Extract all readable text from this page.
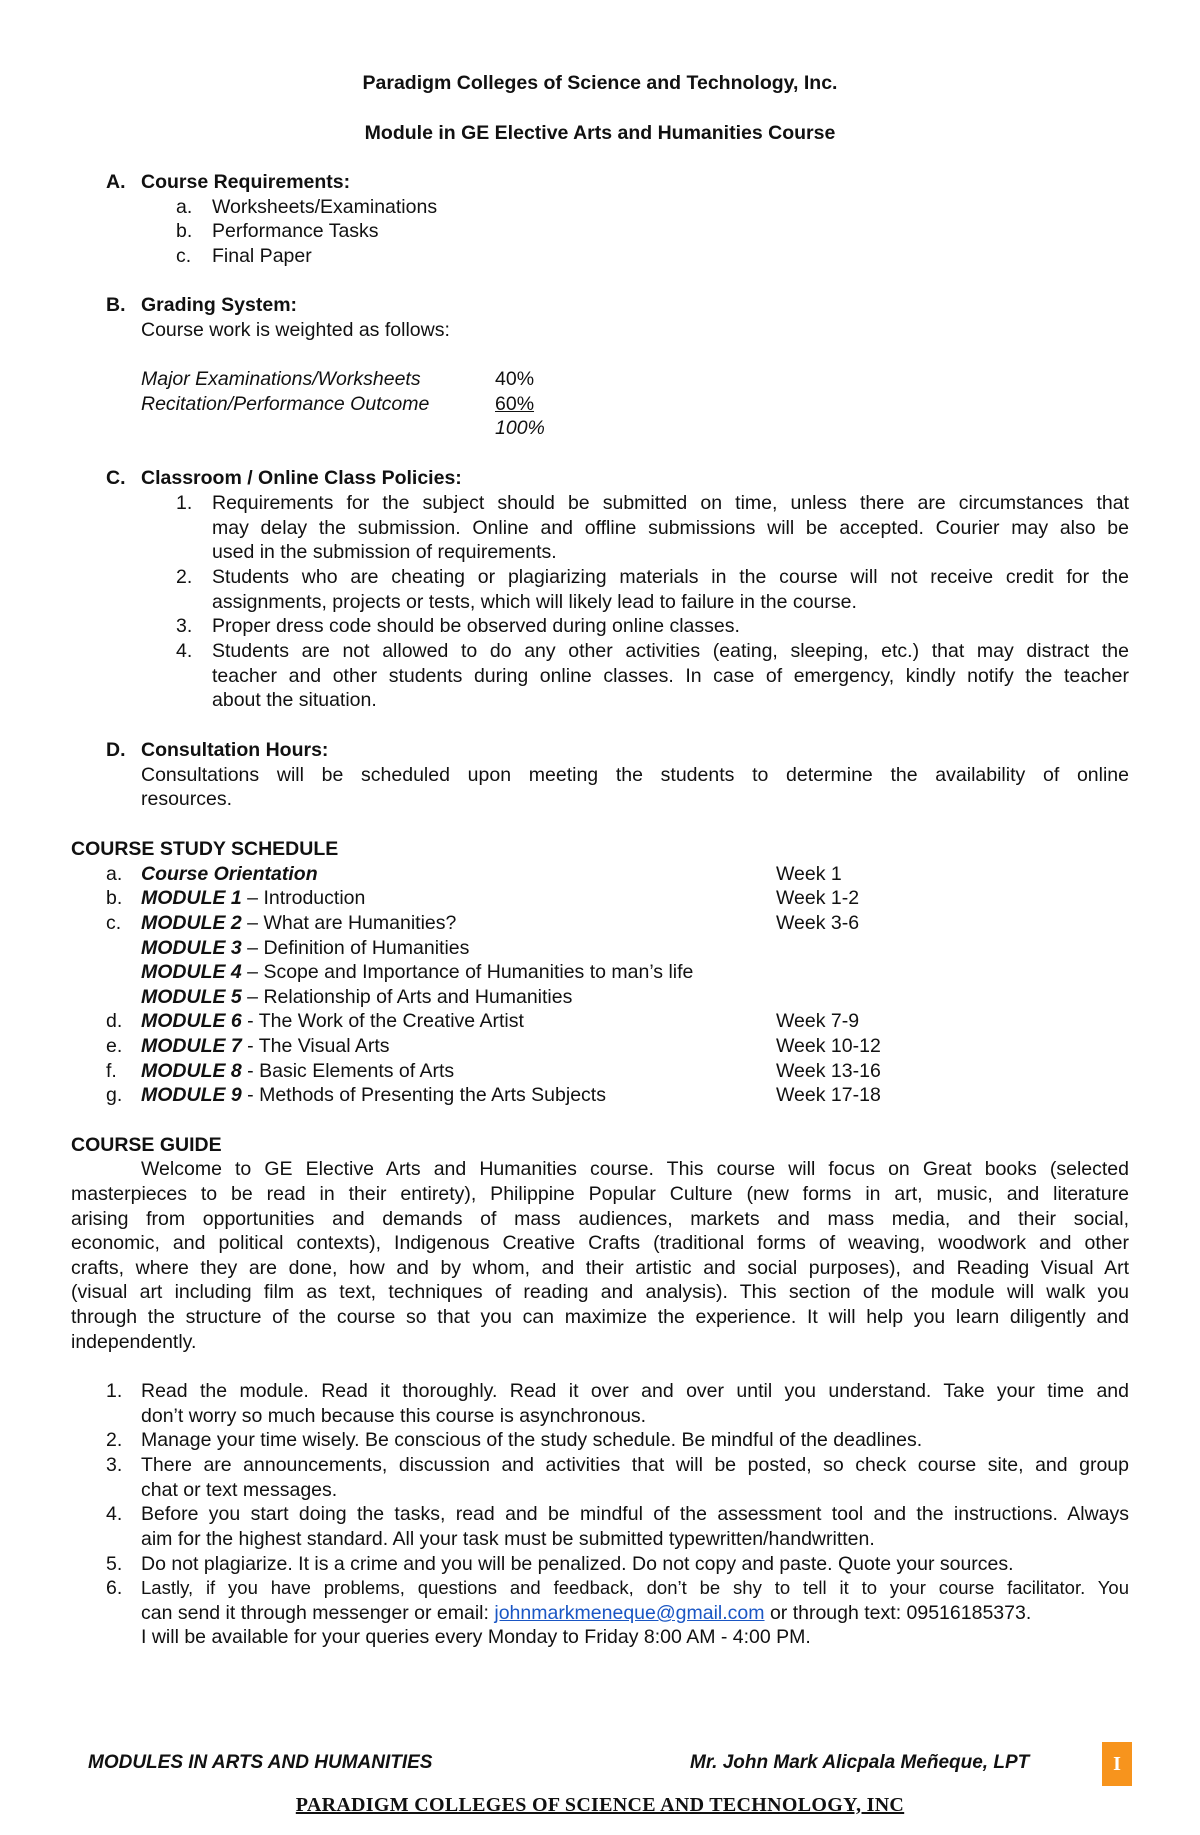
Paradigm Colleges of Science and Technology, Inc.
Module in GE Elective Arts and Humanities Course
A. Course Requirements:
a. Worksheets/Examinations
b. Performance Tasks
c. Final Paper
B. Grading System:
Course work is weighted as follows:
Major Examinations/Worksheets	40%
Recitation/Performance Outcome	60%
100%
C. Classroom / Online Class Policies:
1. Requirements for the subject should be submitted on time, unless there are circumstances that
may delay the submission. Online and offline submissions will be accepted. Courier may also be
used in the submission of requirements.
2. Students who are cheating or plagiarizing materials in the course will not receive credit for the
assignments, projects or tests, which will likely lead to failure in the course.
3. Proper dress code should be observed during online classes.
4. Students are not allowed to do any other activities (eating, sleeping, etc.) that may distract the
teacher and other students during online classes. In case of emergency, kindly notify the teacher
about the situation.
D. Consultation Hours:
Consultations will be scheduled upon meeting the students to determine the availability of online
resources.
COURSE STUDY SCHEDULE
a. Course Orientation	Week 1
b. MODULE 1 – Introduction	Week 1-2
c. MODULE 2 – What are Humanities?	Week 3-6
MODULE 3 – Definition of Humanities
MODULE 4 – Scope and Importance of Humanities to man’s life
MODULE 5 – Relationship of Arts and Humanities
d. MODULE 6 - The Work of the Creative Artist	Week 7-9
e. MODULE 7 - The Visual Arts	Week 10-12
f. MODULE 8 - Basic Elements of Arts	Week 13-16
g. MODULE 9 - Methods of Presenting the Arts Subjects	Week 17-18
COURSE GUIDE
Welcome to GE Elective Arts and Humanities course. This course will focus on Great books (selected
masterpieces to be read in their entirety), Philippine Popular Culture (new forms in art, music, and literature
arising from opportunities and demands of mass audiences, markets and mass media, and their social,
economic, and political contexts), Indigenous Creative Crafts (traditional forms of weaving, woodwork and other
crafts, where they are done, how and by whom, and their artistic and social purposes), and Reading Visual Art
(visual art including film as text, techniques of reading and analysis). This section of the module will walk you
through the structure of the course so that you can maximize the experience. It will help you learn diligently and
independently.
1. Read the module. Read it thoroughly. Read it over and over until you understand. Take your time and
don’t worry so much because this course is asynchronous.
2. Manage your time wisely. Be conscious of the study schedule. Be mindful of the deadlines.
3. There are announcements, discussion and activities that will be posted, so check course site, and group
chat or text messages.
4. Before you start doing the tasks, read and be mindful of the assessment tool and the instructions. Always
aim for the highest standard. All your task must be submitted typewritten/handwritten.
5. Do not plagiarize. It is a crime and you will be penalized. Do not copy and paste. Quote your sources.
6. Lastly, if you have problems, questions and feedback, don’t be shy to tell it to your course facilitator. You
can send it through messenger or email: johnmarkmeneque@gmail.com or through text: 09516185373.
I will be available for your queries every Monday to Friday 8:00 AM - 4:00 PM.
MODULES IN ARTS AND HUMANITIES	Mr. John Mark Alicpala Meñeque, LPT	I
PARADIGM COLLEGES OF SCIENCE AND TECHNOLOGY, INC
